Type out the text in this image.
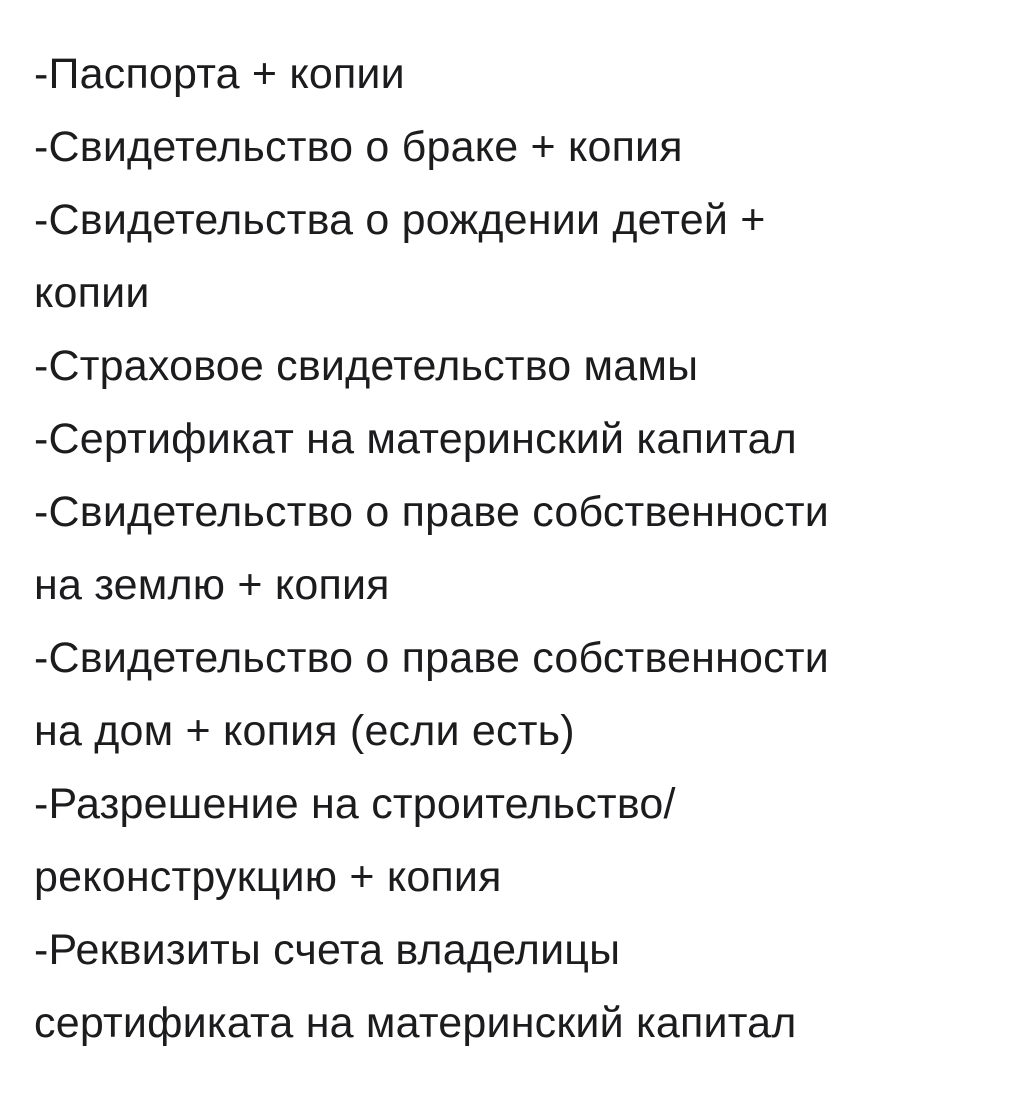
-Паспорта + копии
-Свидетельство о браке + копия
-Свидетельства о рождении детей +
копии
-Страховое свидетельство мамы
-Сертификат на материнский капитал
-Свидетельство о праве собственности
на землю + копия
-Свидетельство о праве собственности
на дом + копия (если есть)
-Разрешение на строительство/
реконструкцию + копия
-Реквизиты счета владелицы
сертификата на материнский капитал
